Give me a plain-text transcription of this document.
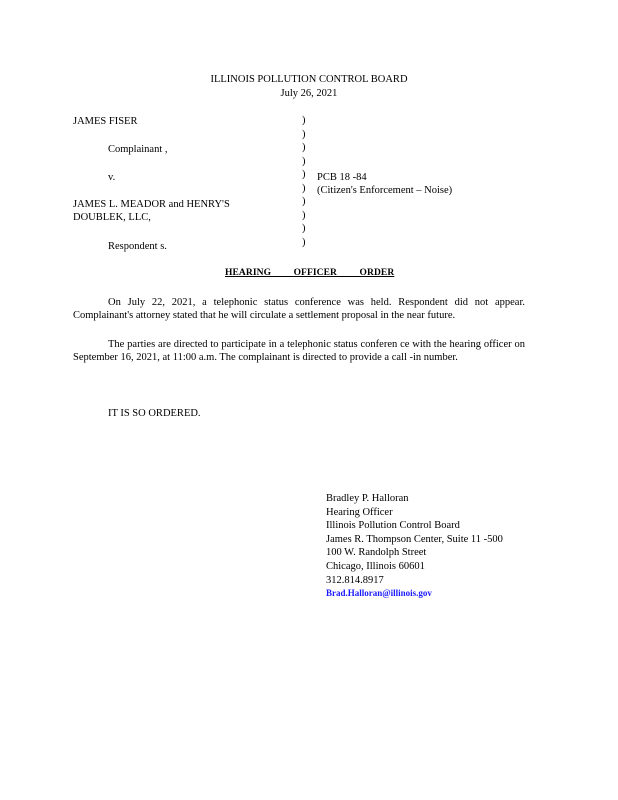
ILLINOIS POLLUTION CONTROL BOARD
July 26, 2021
JAMES FISER
Complainant ,
v.
JAMES L. MEADOR and HENRY'S
DOUBLEK, LLC,
Respondent s.
)
)
)
)
)
)
)
)
)
)
PCB 18 -84
(Citizen's Enforcement – Noise)
HEARING OFFICER ORDER
On July 22, 2021, a telephonic status conference was held. Respondent did not appear. Complainant's attorney stated that he will circulate a settlement proposal in the near future.
The parties are directed to participate in a telephonic status conferen ce with the hearing officer on September 16, 2021, at 11:00 a.m. The complainant is directed to provide a call -in number.
IT IS SO ORDERED.
Bradley P. Halloran
Hearing Officer
Illinois Pollution Control Board
James R. Thompson Center, Suite 11 -500
100 W. Randolph Street
Chicago, Illinois 60601
312.814.8917
Brad.Halloran@illinois.gov
